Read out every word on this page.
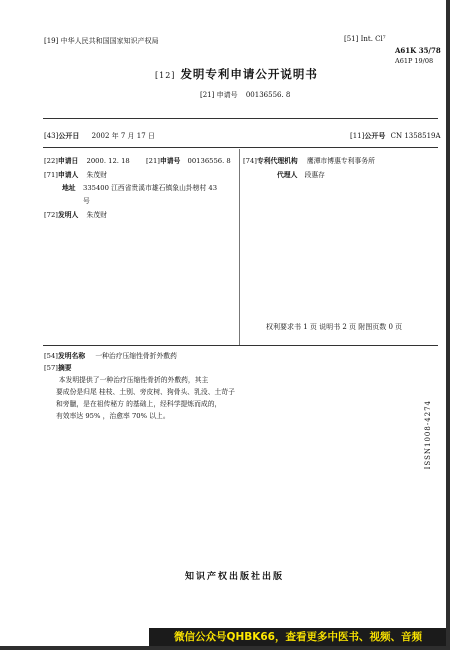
[19] 中华人民共和国国家知识产权局	[51] Int. Cl⁷
A61K 35/78
A61P 19/08
[12] 发明专利申请公开说明书
[21] 申请号 00136556. 8
[43]公开日 2002 年 7 月 17 日	[11]公开号 CN 1358519A
[22]申请日 2000. 12. 18 [21]申请号 00136556. 8
[71]申请人 朱茂财
地址 335400 江西省贵溪市雄石镇象山卦榜村 43
号
[72]发明人 朱茂财
[74]专利代理机构 鹰潭市博惠专利事务所
代理人 段惠存
权利要求书 1 页 说明书 2 页 附图页数 0 页
[54]发明名称 一种治疗压缩性骨折外敷药
[57]摘要
　本发明提供了一种治疗压缩性骨折的外敷药，其主
要成份是归尾 桂枝、土别、旁皮树、狗骨头、乳没、土苛子
和旁臘，是在祖传秘方 的基础上，经科学提炼而成的，
有效率达 95% ，治愈率 70% 以上。	ISSN1008-4274
知识产权出版社出版
微信公众号QHBK66，查看更多中医书、视频、音频
